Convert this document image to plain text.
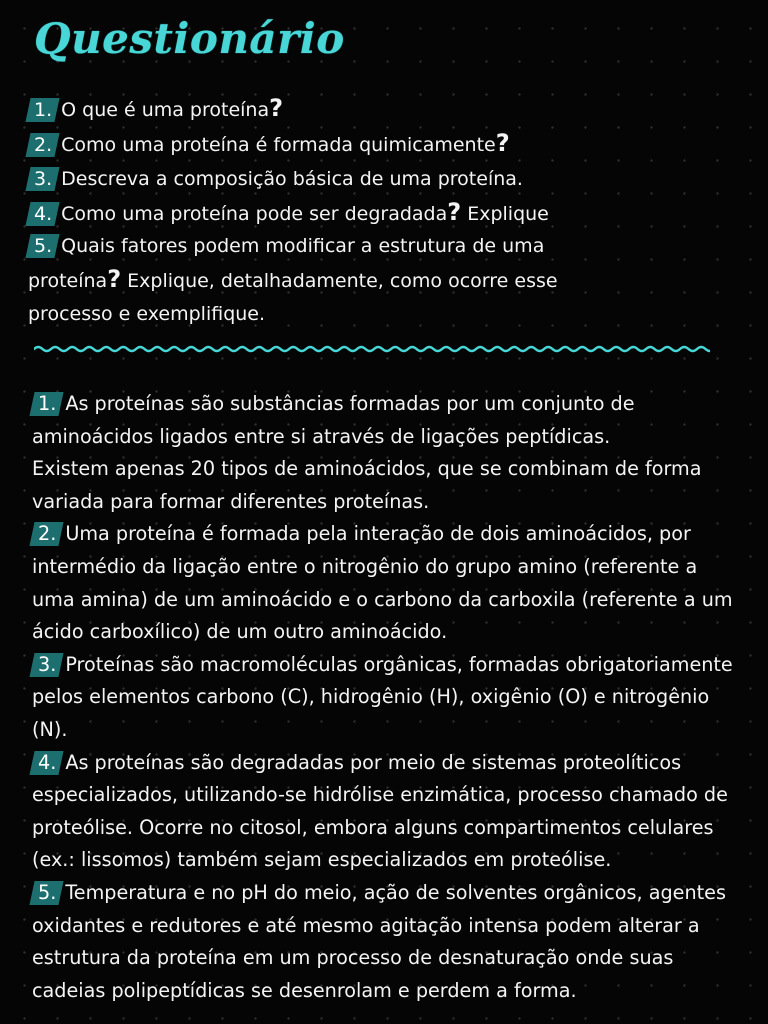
Questionário

1. O que é uma proteína?

2. Como uma proteína é formada quimicamente?

3. Descreva a composição básica de uma proteína.

4. Como uma proteína pode ser degradada? Explique

5. Quais fatores podem modificar a estrutura de uma proteína? Explique, detalhadamente, como ocorre esse processo e exemplifique.

1. As proteínas são substâncias formadas por um conjunto de aminoácidos ligados entre si através de ligações peptídicas.
Existem apenas 20 tipos de aminoácidos, que se combinam de forma variada para formar diferentes proteínas.

2. Uma proteína é formada pela interação de dois aminoácidos, por intermédio da ligação entre o nitrogênio do grupo amino (referente a uma amina) de um aminoácido e o carbono da carboxila (referente a um ácido carboxílico) de um outro aminoácido.

3. Proteínas são macromoléculas orgânicas, formadas obrigatoriamente pelos elementos carbono (C), hidrogênio (H), oxigênio (O) e nitrogênio (N).

4. As proteínas são degradadas por meio de sistemas proteolíticos especializados, utilizando-se hidrólise enzimática, processo chamado de proteólise. Ocorre no citosol, embora alguns compartimentos celulares (ex.: lissomos) também sejam especializados em proteólise.

5. Temperatura e no pH do meio, ação de solventes orgânicos, agentes oxidantes e redutores e até mesmo agitação intensa podem alterar a estrutura da proteína em um processo de desnaturação onde suas cadeias polipeptídicas se desenrolam e perdem a forma.
